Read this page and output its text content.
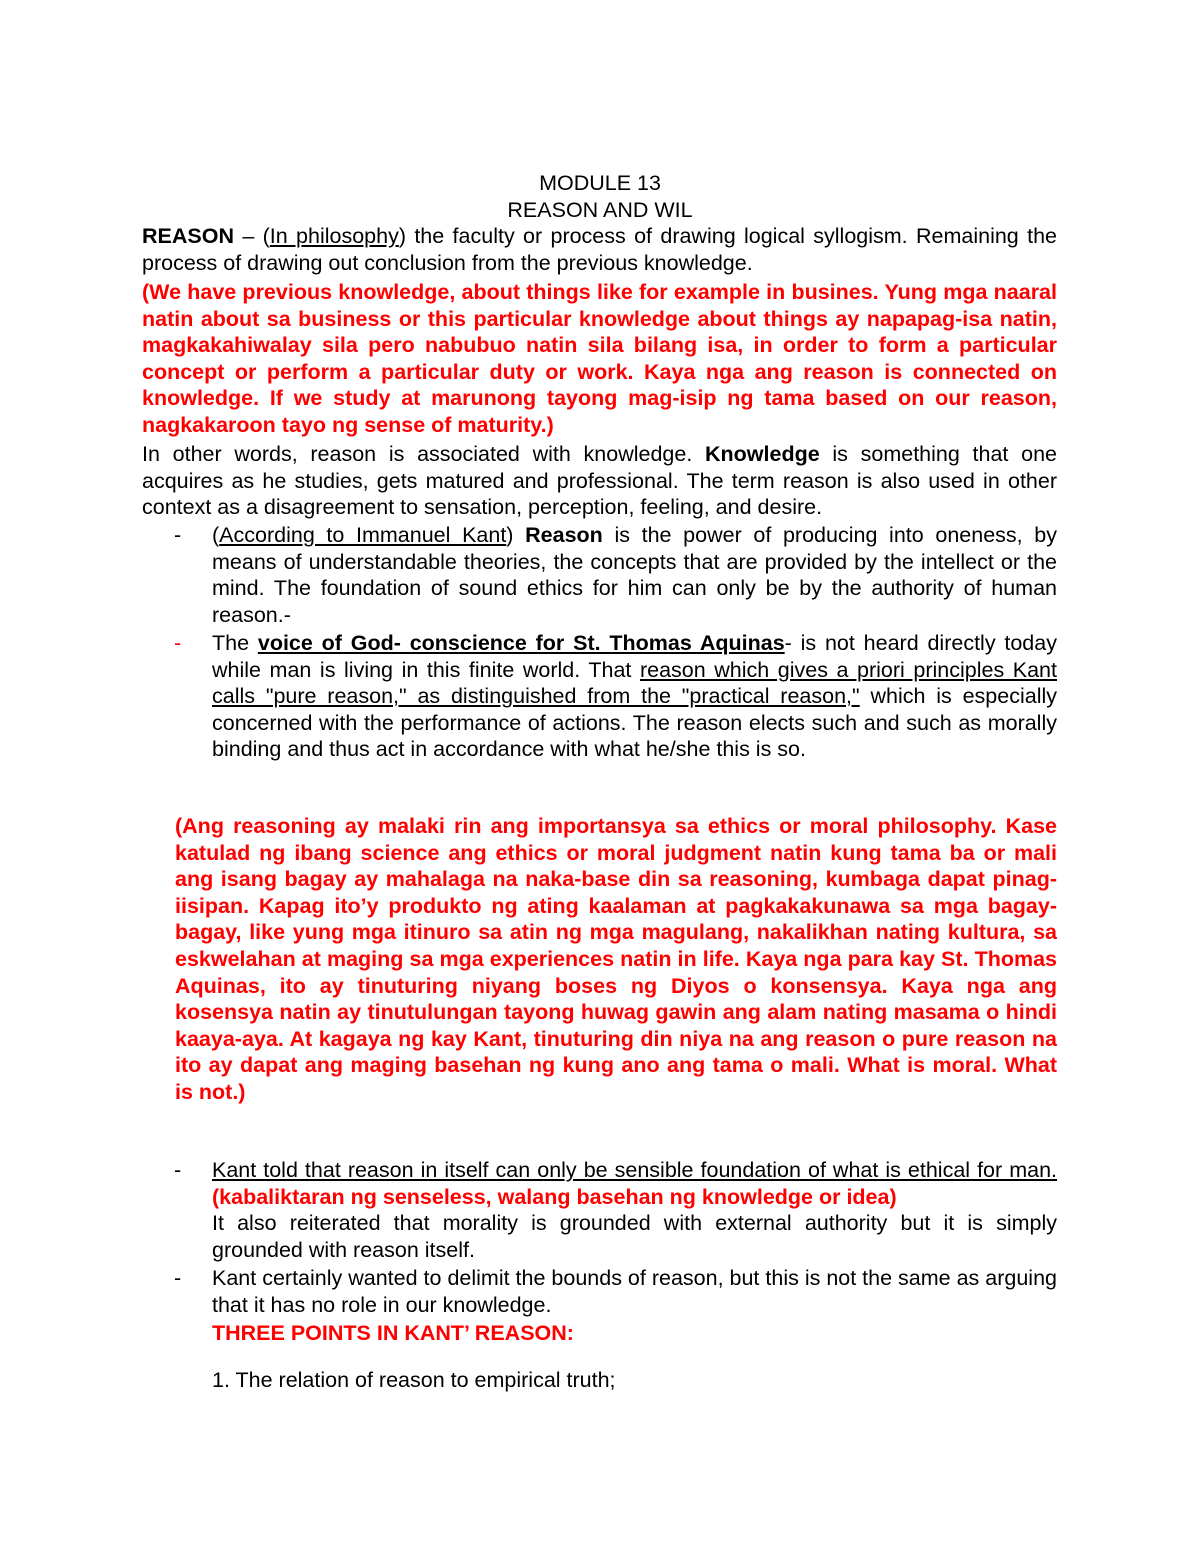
MODULE 13
REASON AND WIL

REASON – (In philosophy) the faculty or process of drawing logical syllogism. Remaining the process of drawing out conclusion from the previous knowledge.

(We have previous knowledge, about things like for example in busines. Yung mga naaral natin about sa business or this particular knowledge about things ay napapag-isa natin, magkakahiwalay sila pero nabubuo natin sila bilang isa, in order to form a particular concept or perform a particular duty or work. Kaya nga ang reason is connected on knowledge. If we study at marunong tayong mag-isip ng tama based on our reason, nagkakaroon tayo ng sense of maturity.)

In other words, reason is associated with knowledge. Knowledge is something that one acquires as he studies, gets matured and professional. The term reason is also used in other context as a disagreement to sensation, perception, feeling, and desire.

- (According to Immanuel Kant) Reason is the power of producing into oneness, by means of understandable theories, the concepts that are provided by the intellect or the mind. The foundation of sound ethics for him can only be by the authority of human reason.-

- The voice of God- conscience for St. Thomas Aquinas- is not heard directly today while man is living in this finite world. That reason which gives a priori principles Kant calls "pure reason," as distinguished from the "practical reason," which is especially concerned with the performance of actions. The reason elects such and such as morally binding and thus act in accordance with what he/she this is so.

(Ang reasoning ay malaki rin ang importansya sa ethics or moral philosophy. Kase katulad ng ibang science ang ethics or moral judgment natin kung tama ba or mali ang isang bagay ay mahalaga na naka-base din sa reasoning, kumbaga dapat pinag-iisipan. Kapag ito’y produkto ng ating kaalaman at pagkakakunawa sa mga bagay-bagay, like yung mga itinuro sa atin ng mga magulang, nakalikhan nating kultura, sa eskwelahan at maging sa mga experiences natin in life. Kaya nga para kay St. Thomas Aquinas, ito ay tinuturing niyang boses ng Diyos o konsensya. Kaya nga ang kosensya natin ay tinutulungan tayong huwag gawin ang alam nating masama o hindi kaaya-aya. At kagaya ng kay Kant, tinuturing din niya na ang reason o pure reason na ito ay dapat ang maging basehan ng kung ano ang tama o mali. What is moral. What is not.)

- Kant told that reason in itself can only be sensible foundation of what is ethical for man. (kabaliktaran ng senseless, walang basehan ng knowledge or idea)
It also reiterated that morality is grounded with external authority but it is simply grounded with reason itself.

- Kant certainly wanted to delimit the bounds of reason, but this is not the same as arguing that it has no role in our knowledge.

THREE POINTS IN KANT’ REASON:

1. The relation of reason to empirical truth;
